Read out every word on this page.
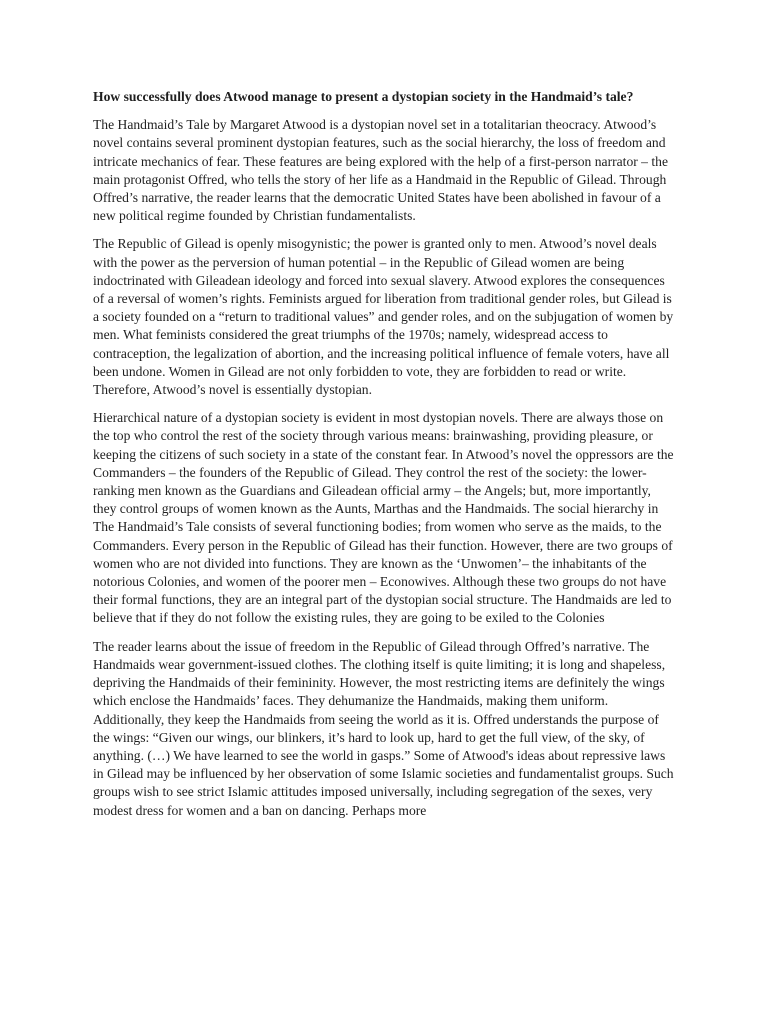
How successfully does Atwood manage to present a dystopian society in the Handmaid’s tale?

The Handmaid’s Tale by Margaret Atwood is a dystopian novel set in a totalitarian theocracy. Atwood’s novel contains several prominent dystopian features, such as the social hierarchy, the loss of freedom and intricate mechanics of fear. These features are being explored with the help of a first-person narrator – the main protagonist Offred, who tells the story of her life as a Handmaid in the Republic of Gilead. Through Offred’s narrative, the reader learns that the democratic United States have been abolished in favour of a new political regime founded by Christian fundamentalists.

The Republic of Gilead is openly misogynistic; the power is granted only to men. Atwood’s novel deals with the power as the perversion of human potential – in the Republic of Gilead women are being indoctrinated with Gileadean ideology and forced into sexual slavery. Atwood explores the consequences of a reversal of women’s rights. Feminists argued for liberation from traditional gender roles, but Gilead is a society founded on a “return to traditional values” and gender roles, and on the subjugation of women by men. What feminists considered the great triumphs of the 1970s; namely, widespread access to contraception, the legalization of abortion, and the increasing political influence of female voters, have all been undone. Women in Gilead are not only forbidden to vote, they are forbidden to read or write. Therefore, Atwood’s novel is essentially dystopian.

Hierarchical nature of a dystopian society is evident in most dystopian novels. There are always those on the top who control the rest of the society through various means: brainwashing, providing pleasure, or keeping the citizens of such society in a state of the constant fear. In Atwood’s novel the oppressors are the Commanders – the founders of the Republic of Gilead. They control the rest of the society: the lower-ranking men known as the Guardians and Gileadean official army – the Angels; but, more importantly, they control groups of women known as the Aunts, Marthas and the Handmaids. The social hierarchy in The Handmaid’s Tale consists of several functioning bodies; from women who serve as the maids, to the Commanders. Every person in the Republic of Gilead has their function. However, there are two groups of women who are not divided into functions. They are known as the ‘Unwomen’– the inhabitants of the notorious Colonies, and women of the poorer men – Econowives. Although these two groups do not have their formal functions, they are an integral part of the dystopian social structure. The Handmaids are led to believe that if they do not follow the existing rules, they are going to be exiled to the Colonies

The reader learns about the issue of freedom in the Republic of Gilead through Offred’s narrative. The Handmaids wear government-issued clothes. The clothing itself is quite limiting; it is long and shapeless, depriving the Handmaids of their femininity. However, the most restricting items are definitely the wings which enclose the Handmaids’ faces. They dehumanize the Handmaids, making them uniform. Additionally, they keep the Handmaids from seeing the world as it is. Offred understands the purpose of the wings: “Given our wings, our blinkers, it’s hard to look up, hard to get the full view, of the sky, of anything. (…) We have learned to see the world in gasps.” Some of Atwood's ideas about repressive laws in Gilead may be influenced by her observation of some Islamic societies and fundamentalist groups. Such groups wish to see strict Islamic attitudes imposed universally, including segregation of the sexes, very modest dress for women and a ban on dancing. Perhaps more
